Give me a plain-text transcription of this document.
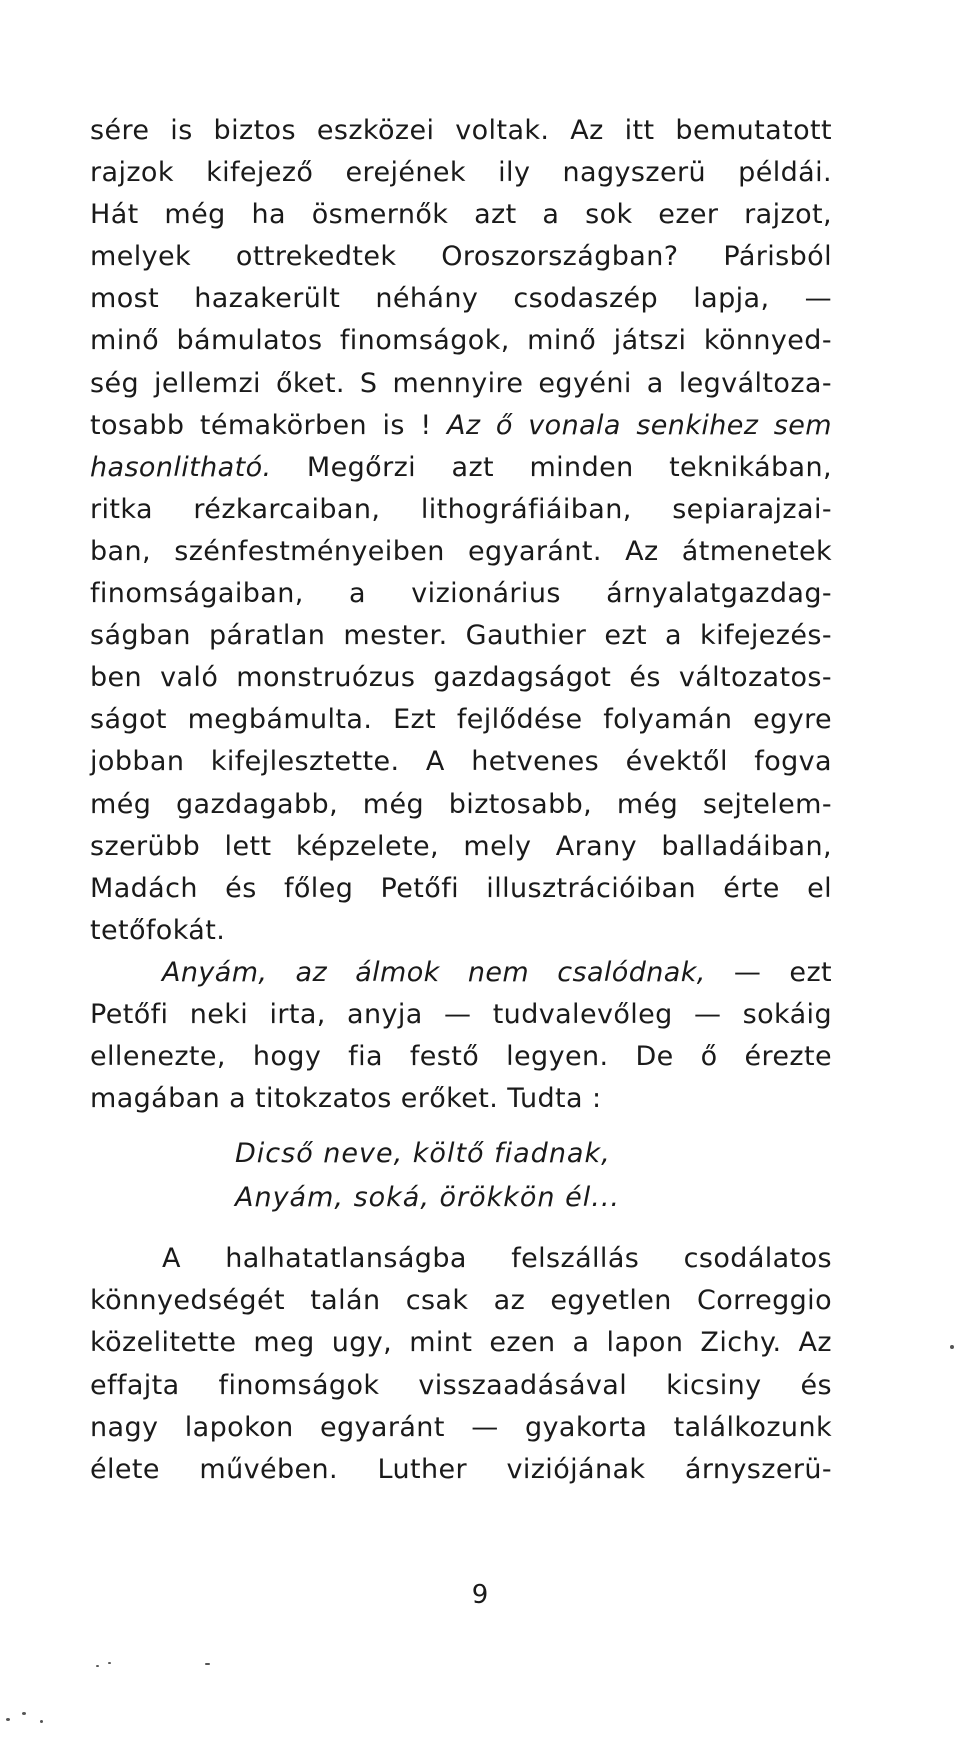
sére is biztos eszközei voltak. Az itt bemutatott
rajzok kifejező erejének ily nagyszerü példái.
Hát még ha ösmernők azt a sok ezer rajzot,
melyek ottrekedtek Oroszországban? Párisból
most hazakerült néhány csodaszép lapja, —
minő bámulatos finomságok, minő játszi könnyed-
ség jellemzi őket. S mennyire egyéni a legváltoza-
tosabb témakörben is ! Az ő vonala senkihez sem
hasonlitható. Megőrzi azt minden teknikában,
ritka rézkarcaiban, lithográfiáiban, sepiarajzai-
ban, szénfestményeiben egyaránt. Az átmenetek
finomságaiban, a vizionárius árnyalatgazdag-
ságban páratlan mester. Gauthier ezt a kifejezés-
ben való monstruózus gazdagságot és változatos-
ságot megbámulta. Ezt fejlődése folyamán egyre
jobban kifejlesztette. A hetvenes évektől fogva
még gazdagabb, még biztosabb, még sejtelem-
szerübb lett képzelete, mely Arany balladáiban,
Madách és főleg Petőfi illusztrációiban érte el
tetőfokát.
Anyám, az álmok nem csalódnak, — ezt
Petőfi neki irta, anyja — tudvalevőleg — sokáig
ellenezte, hogy fia festő legyen. De ő érezte
magában a titokzatos erőket. Tudta :
Dicső neve, költő fiadnak,
Anyám, soká, örökkön él...
A halhatatlanságba felszállás csodálatos
könnyedségét talán csak az egyetlen Correggio
közelitette meg ugy, mint ezen a lapon Zichy. Az
effajta finomságok visszaadásával kicsiny és
nagy lapokon egyaránt — gyakorta találkozunk
élete művében. Luther viziójának árnyszerü-
9
